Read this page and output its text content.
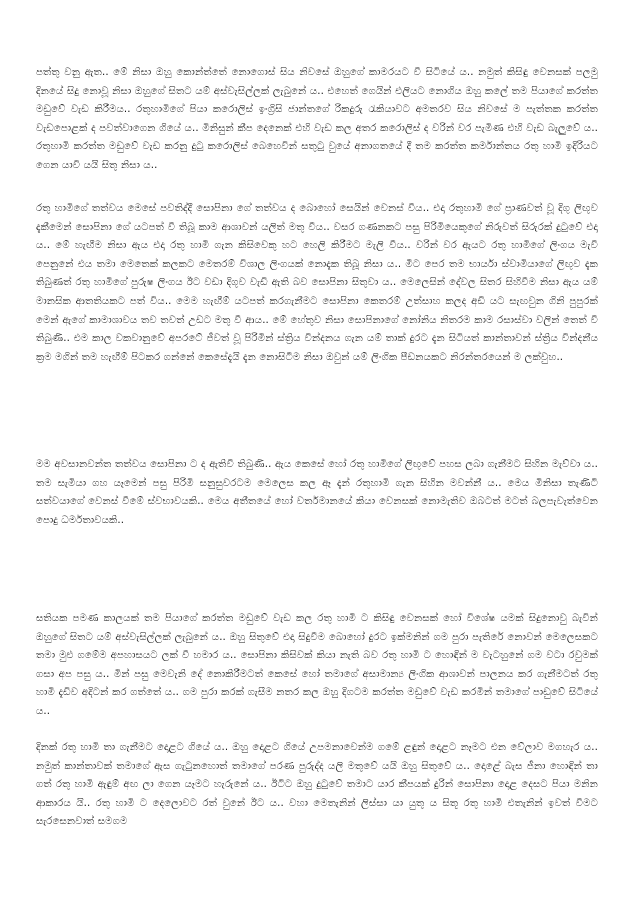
පත්තු වනු ඇත.. මේ නිසා ඔහු කොන්ත්තේ නොගොස් සිය නිවසේ ඔහුගේ කාමරයට වී සිටියේ ය.. නමුත් කිසිඳු වෙනසක් පලමු දිනයේ සිදු නොවූ නිසා ඔහුගේ සිතට යම් අස්වැසිල්ලක් ලැබුනේ ය.. එහෙත් ගෙයින් එලියට නොගිය ඔහු කලේ තම පියාගේ කරත්ත මඩුවේ වැඩ කිරීමය.. රතුහාමිගේ පියා කරොලිස් ඉංග්‍රිසි ජාන්තගේ රිකදුරු රැකියාවට අමතරව සිය නිවසේ ම පැත්තක කරත්ත වැඩපොළක් ද පවත්වාගෙන ගියේ ය.. මිනිසුන් කීප දෙනෙක් එහි වැඩ කල අතර කරොලිස් ද වරින් වර පැමිණ එහි වැඩ බැලුවේ ය.. රතුහාමි කරත්ත මඩුවේ වැඩ කරනු දුටු කරොලිස් බෙහෙවින් සතුටු වුයේ අනාගතයේ දී තම කරත්ත කර්මාන්තය රතු හාමි ඉදිරියට ගෙන යාවි යයි සිතු නිසා ය..

රතු හාමිගේ තත්වය මෙසේ පවතිද්දී සොපිනා ගේ තත්වය ද බොහෝ සෙයින් වෙනස් වීය.. එදා රතුහාමි ගේ ප්‍රාණවත් වූ දිගු ලිඟුව දැකීමෙන් සොපිනා ගේ යටපත් වී තිබූ කාම ආශාවන් යලිත් මතු වීය.. වසර ගණනකට පසු පිරිමියෙකුගේ නිරුවත් සිරුරක් දුටුවේ එදා ය.. මේ හැඟීම නිසා ඇය එදා රතු හාමි ගැන කිසිවෙකු හට හෙලි කිරීමට මැලි වීය.. වරින් වර ඇයට රතු හාමිගේ ලිංගය මැවී පෙනුනේ එය තමා මෙතෙක් කලකට මෙතරම් විශාල ලිංගයක් නොදැක තිබූ නිසා ය.. මීට පෙර තම භාර්යා ස්වාමියාගේ ලිඟුව දැක තිබුණත් රතු හාමිගේ පුරුෂ ලිංගය ඊට වඩා දිගුව වැඩි ඇති බව සොපිනා සිතුවා ය.. මෙලෙසින් දේවල සිතර සිහිවීම නිසා ඇය යම් මානසික ආතතියකට පත් විය.. මෙම හැඟීම් යටපත් කරගැනීමට සොපිනා කෙතරම් උත්සාහ කලද අඩි යට සැඟවුන ගිනි පුපුරක් මෙන් ඇගේ කාමාශාවය තව තවත් උඩට මතු වී ආය.. මේ හේතුව නිසා සොපිනාගේ නෝනිය නිතරම කාම රසාස්වා වලින් තෙත් වී තිබුණි.. එම කාල වකවානුවේ අපරටේ ජීවත් වූ පිරිමින් ස්ත්‍රිය වින්දනය ගැන යම් තාක් දුරට දැන සිටියත් කාන්තාවන් ස්ත්‍රිය වින්දනීය ක්‍රම මගින් තම හැඟීම් පිටකර ගන්නේ කෙසේදැයි දැන නොසිටීම නිසා ඔවුන් යම් ලිංගික පීඩනයකට නිරන්තරයෙන් ම ලක්වුහ..

මම අවසානවන්ත තත්වය සොපිනා ට ද ඇතිවී තිබුණි.. ඇය කෙසේ හෝ රතු හාමිගේ ලිඟුවේ පහස ලබා ගැනීමට සිහින මැව්වා ය.. තම සැමියා ගහ යෑමෙන් පසු පිරිමි සනුසුවරටම මෙලෙස කල ඈ දැන් රතුහාමි ගැන සිහින මවන්නී ය.. මෙය මිනිසා තැණිටි සත්වයාගේ වෙනස් වීමේ ස්වභාවයකි.. මෙය අතීතයේ හෝ වර්තමානයේ කියා වෙනසක් නොමැතිව ඔබටත් මටත් බලපැවැත්වෙන පොදු ධර්මතාවයකි..

සතියක පමණ කාලයක් තම පියාගේ කරත්ත මඩුවේ වැඩ කල රතු හාමි ට කිසිඳු වෙනසක් හෝ විශේෂ යමක් සිදුනොවු බැවින් ඔහුගේ සිතට යම් අස්වැසිල්ලක් ලැබුනේ ය.. ඔහු සිතුවේ එදා සිදුවීම බොහෝ දුරට ඉක්මනින් ගම පුරා පැතිරේ නොවන් මෙලෙසකට තමා මුළු ගමේම අපහාසයට ලක් වී හමාර ය.. සොපිනා කිසිවක් කියා නැති බව රතු හාමි ට හොඳින් ම වැටහුනේ ගම වටා රවුමක් ගසා අප පසු ය.. මින් පසු මෙවැනි දේ නොකිරීමටත් කෙසේ හෝ තමාගේ අසාමාන්‍ය ලිංගික ආශාවන් පාලනය කර ගැනීමටත් රතු හාමි දැඩිව අදිටන් කර ගත්තේ ය.. ගම පුරා කරක් ගැසීම නතර කල ඔහු දිගටම කරත්ත මඩුවේ වැඩ කරමින් තමාගේ පාඩුවේ සිටියේ ය..

දිනක් රතු හාමි තා ගැනීමට දොළට ගියේ ය.. ඔහු දොළට ගියේ උපමනාවෙන්ම ගමේ ළඳුන් දොළට නෑමට එන වේලාව මගහැර ය.. නමුත් කාන්තාවක් තමාගේ ඇස ගැටුනහොත් තමාගේ පරණ පුරුද්ද යලි මතුවේ යයි ඔහු සිතුවේ ය.. දොළේ බැස ජීනා හොඳින් තා ගත් රතු හාමි ඇඳුම් අඟ ලා ගෙන යෑමට හැරුනේ ය.. ඊටිට ඔහු දුටුවේ තමාට යාර කීපයක් දුරින් සොපිනා දොළ දෙසට පියා මනින ආකාරය යි.. රතු හාමි ට දෙලොවට රත් වුනේ ඊට ය.. වහා මෙතැනින් ලිස්සා යා යුතු ය සිතූ රතු හාමි එතැනින් ඉවත් වීමට සැරසෙනවාත් සමගම
